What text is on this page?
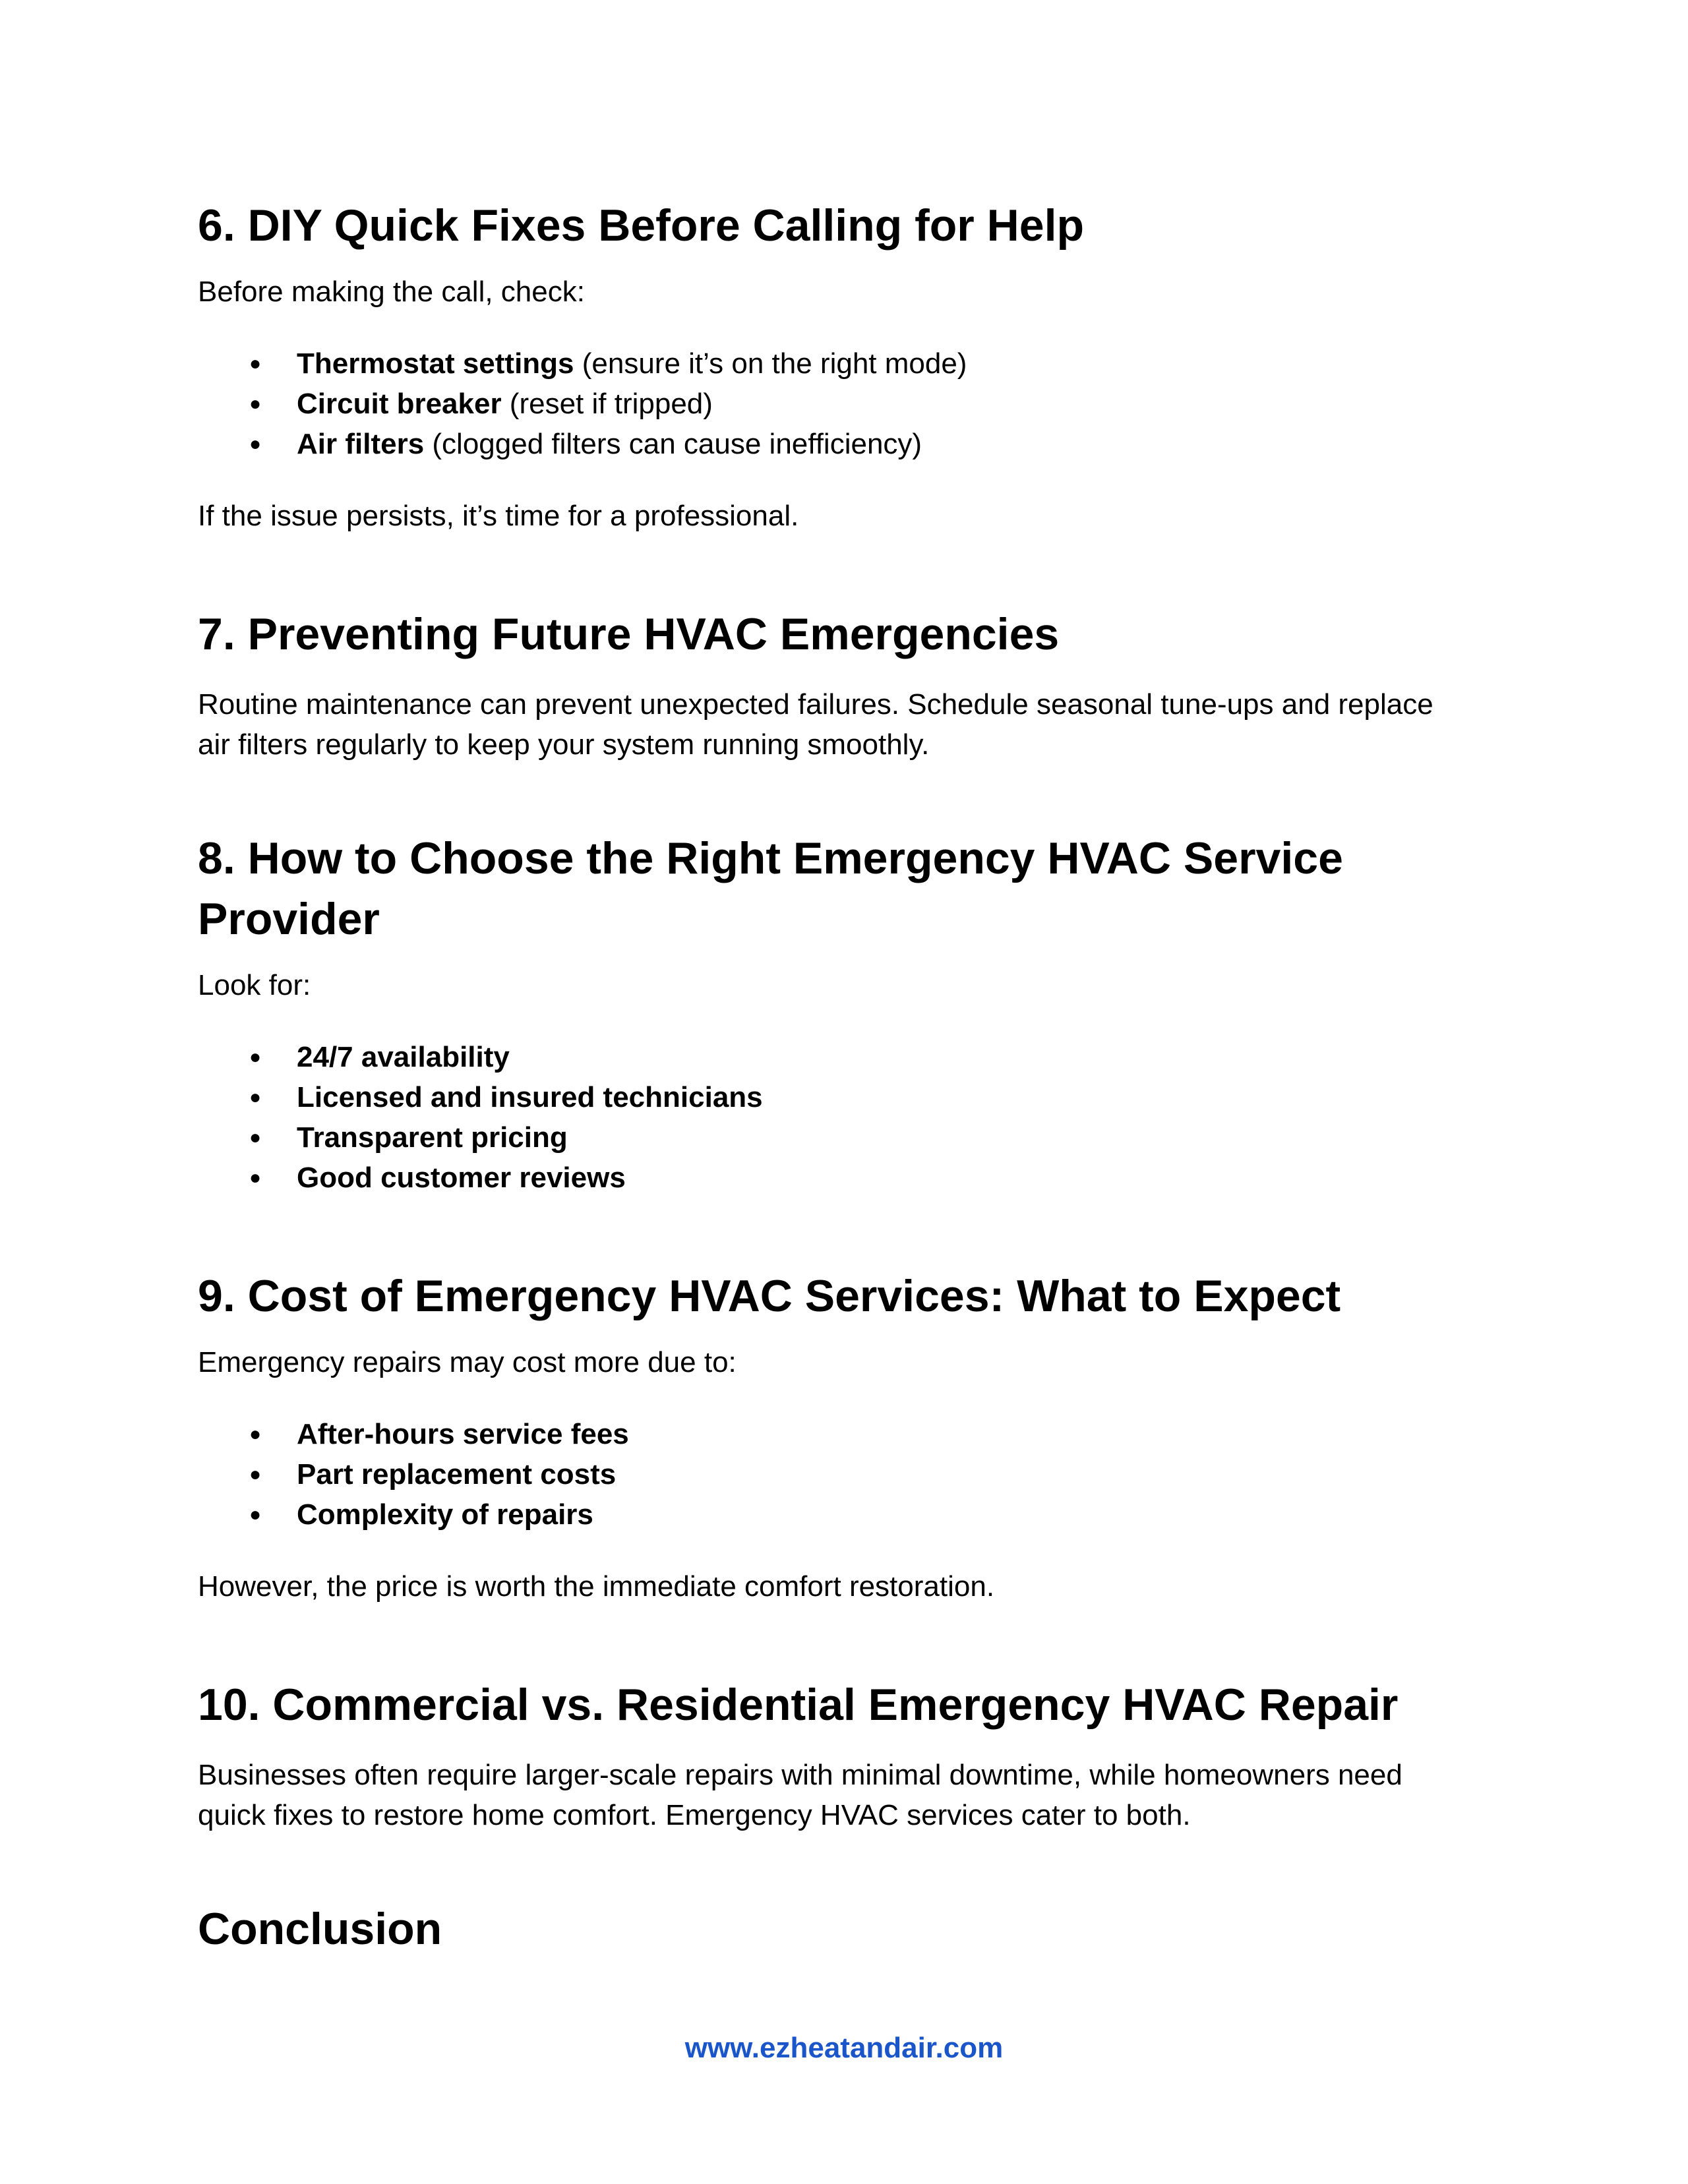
6. DIY Quick Fixes Before Calling for Help

Before making the call, check:

● Thermostat settings (ensure it’s on the right mode)
● Circuit breaker (reset if tripped)
● Air filters (clogged filters can cause inefficiency)

If the issue persists, it’s time for a professional.

7. Preventing Future HVAC Emergencies

Routine maintenance can prevent unexpected failures. Schedule seasonal tune-ups and replace air filters regularly to keep your system running smoothly.

8. How to Choose the Right Emergency HVAC Service
Provider

Look for:

● 24/7 availability
● Licensed and insured technicians
● Transparent pricing
● Good customer reviews
9. Cost of Emergency HVAC Services: What to Expect

Emergency repairs may cost more due to:

● After-hours service fees
● Part replacement costs
● Complexity of repairs

However, the price is worth the immediate comfort restoration.

10. Commercial vs. Residential Emergency HVAC Repair

Businesses often require larger-scale repairs with minimal downtime, while homeowners need

quick fixes to restore home comfort. Emergency HVAC services cater to both.

Conclusion
www.ezheatandair.com
